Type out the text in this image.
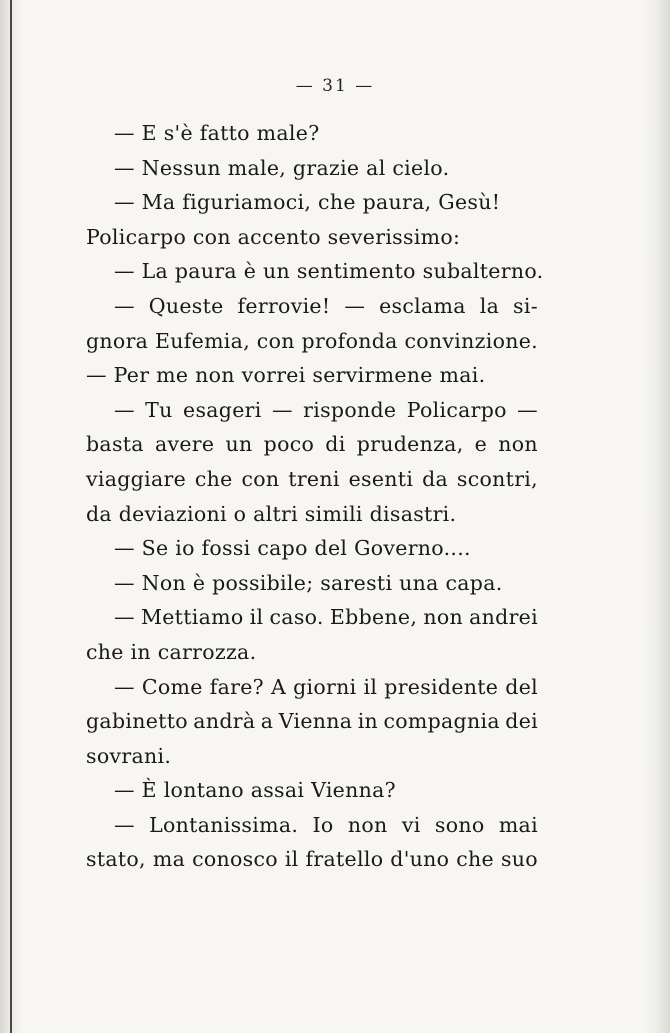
— 31 —
— E s'è fatto male?
— Nessun male, grazie al cielo.
— Ma figuriamoci, che paura, Gesù!
Policarpo con accento severissimo:
— La paura è un sentimento subalterno.
— Queste ferrovie! — esclama la si-
gnora Eufemia, con profonda convinzione.
— Per me non vorrei servirmene mai.
— Tu esageri — risponde Policarpo —
basta avere un poco di prudenza, e non
viaggiare che con treni esenti da scontri,
da deviazioni o altri simili disastri.
— Se io fossi capo del Governo....
— Non è possibile; saresti una capa.
— Mettiamo il caso. Ebbene, non andrei
che in carrozza.
— Come fare? A giorni il presidente del
gabinetto andrà a Vienna in compagnia dei
sovrani.
— È lontano assai Vienna?
— Lontanissima. Io non vi sono mai
stato, ma conosco il fratello d'uno che suo
